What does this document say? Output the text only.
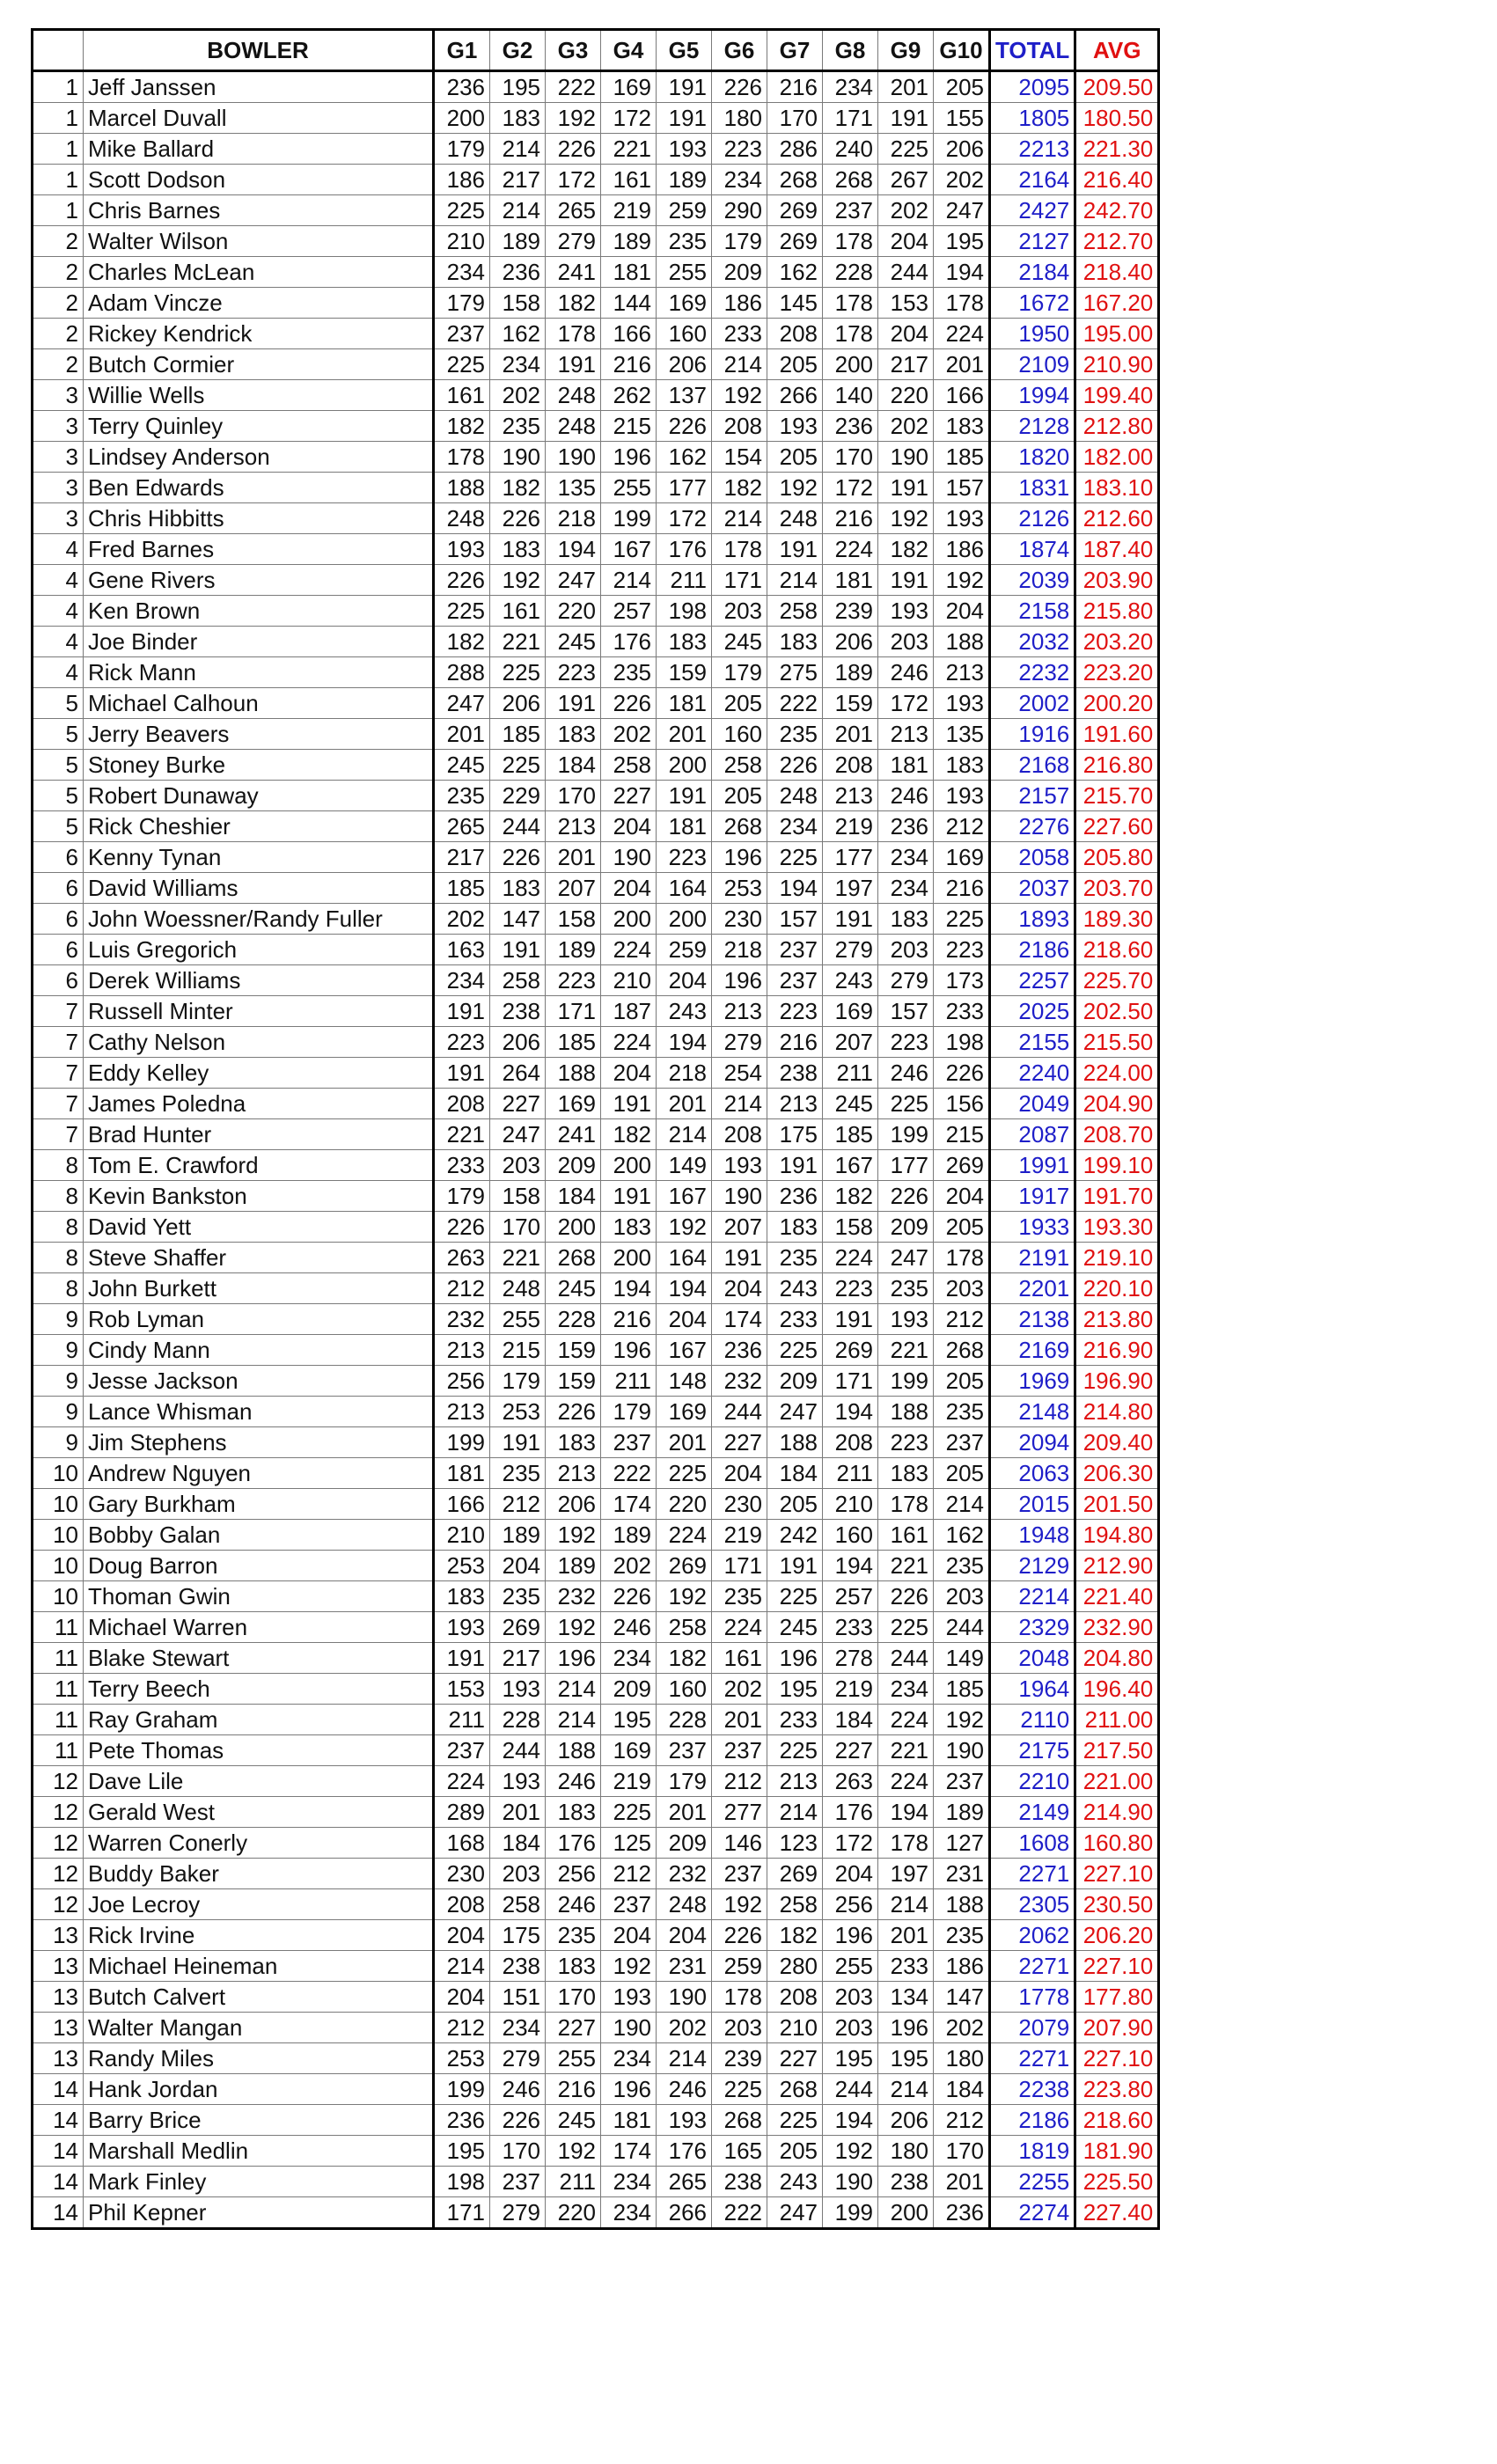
	BOWLER	G1	G2	G3	G4	G5	G6	G7	G8	G9	G10	TOTAL	AVG
1	Jeff Janssen	236	195	222	169	191	226	216	234	201	205	2095	209.50
1	Marcel Duvall	200	183	192	172	191	180	170	171	191	155	1805	180.50
1	Mike Ballard	179	214	226	221	193	223	286	240	225	206	2213	221.30
1	Scott Dodson	186	217	172	161	189	234	268	268	267	202	2164	216.40
1	Chris Barnes	225	214	265	219	259	290	269	237	202	247	2427	242.70
2	Walter Wilson	210	189	279	189	235	179	269	178	204	195	2127	212.70
2	Charles McLean	234	236	241	181	255	209	162	228	244	194	2184	218.40
2	Adam Vincze	179	158	182	144	169	186	145	178	153	178	1672	167.20
2	Rickey Kendrick	237	162	178	166	160	233	208	178	204	224	1950	195.00
2	Butch Cormier	225	234	191	216	206	214	205	200	217	201	2109	210.90
3	Willie Wells	161	202	248	262	137	192	266	140	220	166	1994	199.40
3	Terry Quinley	182	235	248	215	226	208	193	236	202	183	2128	212.80
3	Lindsey Anderson	178	190	190	196	162	154	205	170	190	185	1820	182.00
3	Ben Edwards	188	182	135	255	177	182	192	172	191	157	1831	183.10
3	Chris Hibbitts	248	226	218	199	172	214	248	216	192	193	2126	212.60
4	Fred Barnes	193	183	194	167	176	178	191	224	182	186	1874	187.40
4	Gene Rivers	226	192	247	214	211	171	214	181	191	192	2039	203.90
4	Ken Brown	225	161	220	257	198	203	258	239	193	204	2158	215.80
4	Joe Binder	182	221	245	176	183	245	183	206	203	188	2032	203.20
4	Rick Mann	288	225	223	235	159	179	275	189	246	213	2232	223.20
5	Michael Calhoun	247	206	191	226	181	205	222	159	172	193	2002	200.20
5	Jerry Beavers	201	185	183	202	201	160	235	201	213	135	1916	191.60
5	Stoney Burke	245	225	184	258	200	258	226	208	181	183	2168	216.80
5	Robert Dunaway	235	229	170	227	191	205	248	213	246	193	2157	215.70
5	Rick Cheshier	265	244	213	204	181	268	234	219	236	212	2276	227.60
6	Kenny Tynan	217	226	201	190	223	196	225	177	234	169	2058	205.80
6	David Williams	185	183	207	204	164	253	194	197	234	216	2037	203.70
6	John Woessner/Randy Fuller	202	147	158	200	200	230	157	191	183	225	1893	189.30
6	Luis Gregorich	163	191	189	224	259	218	237	279	203	223	2186	218.60
6	Derek Williams	234	258	223	210	204	196	237	243	279	173	2257	225.70
7	Russell Minter	191	238	171	187	243	213	223	169	157	233	2025	202.50
7	Cathy Nelson	223	206	185	224	194	279	216	207	223	198	2155	215.50
7	Eddy Kelley	191	264	188	204	218	254	238	211	246	226	2240	224.00
7	James Poledna	208	227	169	191	201	214	213	245	225	156	2049	204.90
7	Brad Hunter	221	247	241	182	214	208	175	185	199	215	2087	208.70
8	Tom E. Crawford	233	203	209	200	149	193	191	167	177	269	1991	199.10
8	Kevin Bankston	179	158	184	191	167	190	236	182	226	204	1917	191.70
8	David Yett	226	170	200	183	192	207	183	158	209	205	1933	193.30
8	Steve Shaffer	263	221	268	200	164	191	235	224	247	178	2191	219.10
8	John Burkett	212	248	245	194	194	204	243	223	235	203	2201	220.10
9	Rob Lyman	232	255	228	216	204	174	233	191	193	212	2138	213.80
9	Cindy Mann	213	215	159	196	167	236	225	269	221	268	2169	216.90
9	Jesse Jackson	256	179	159	211	148	232	209	171	199	205	1969	196.90
9	Lance Whisman	213	253	226	179	169	244	247	194	188	235	2148	214.80
9	Jim Stephens	199	191	183	237	201	227	188	208	223	237	2094	209.40
10	Andrew Nguyen	181	235	213	222	225	204	184	211	183	205	2063	206.30
10	Gary Burkham	166	212	206	174	220	230	205	210	178	214	2015	201.50
10	Bobby Galan	210	189	192	189	224	219	242	160	161	162	1948	194.80
10	Doug Barron	253	204	189	202	269	171	191	194	221	235	2129	212.90
10	Thoman Gwin	183	235	232	226	192	235	225	257	226	203	2214	221.40
11	Michael Warren	193	269	192	246	258	224	245	233	225	244	2329	232.90
11	Blake Stewart	191	217	196	234	182	161	196	278	244	149	2048	204.80
11	Terry Beech	153	193	214	209	160	202	195	219	234	185	1964	196.40
11	Ray Graham	211	228	214	195	228	201	233	184	224	192	2110	211.00
11	Pete Thomas	237	244	188	169	237	237	225	227	221	190	2175	217.50
12	Dave Lile	224	193	246	219	179	212	213	263	224	237	2210	221.00
12	Gerald West	289	201	183	225	201	277	214	176	194	189	2149	214.90
12	Warren Conerly	168	184	176	125	209	146	123	172	178	127	1608	160.80
12	Buddy Baker	230	203	256	212	232	237	269	204	197	231	2271	227.10
12	Joe Lecroy	208	258	246	237	248	192	258	256	214	188	2305	230.50
13	Rick Irvine	204	175	235	204	204	226	182	196	201	235	2062	206.20
13	Michael Heineman	214	238	183	192	231	259	280	255	233	186	2271	227.10
13	Butch Calvert	204	151	170	193	190	178	208	203	134	147	1778	177.80
13	Walter Mangan	212	234	227	190	202	203	210	203	196	202	2079	207.90
13	Randy Miles	253	279	255	234	214	239	227	195	195	180	2271	227.10
14	Hank Jordan	199	246	216	196	246	225	268	244	214	184	2238	223.80
14	Barry Brice	236	226	245	181	193	268	225	194	206	212	2186	218.60
14	Marshall Medlin	195	170	192	174	176	165	205	192	180	170	1819	181.90
14	Mark Finley	198	237	211	234	265	238	243	190	238	201	2255	225.50
14	Phil Kepner	171	279	220	234	266	222	247	199	200	236	2274	227.40
